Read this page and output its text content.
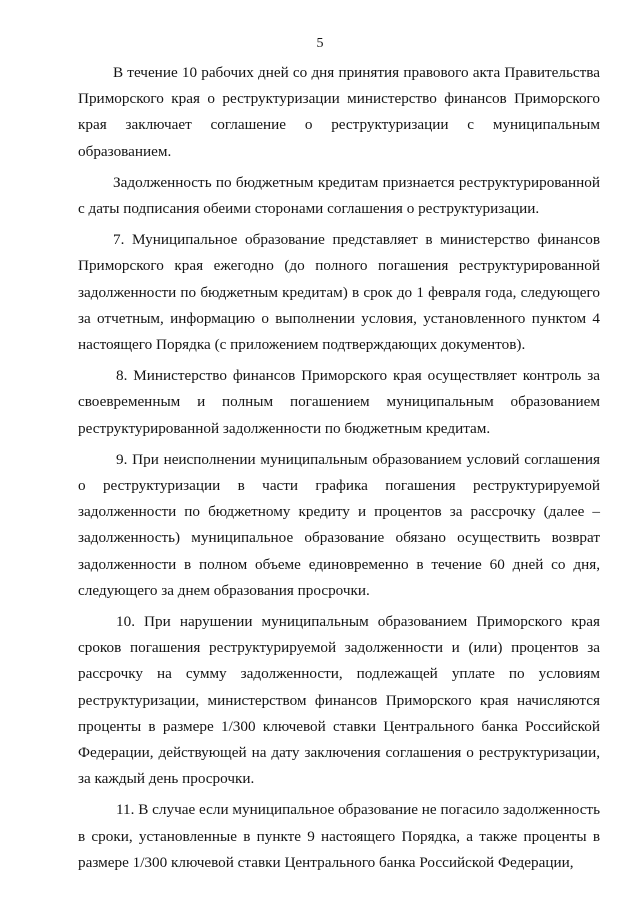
5

В течение 10 рабочих дней со дня принятия правового акта Правительства Приморского края о реструктуризации министерство финансов Приморского края заключает соглашение о реструктуризации с муниципальным образованием.

Задолженность по бюджетным кредитам признается реструктурированной с даты подписания обеими сторонами соглашения о реструктуризации.

7. Муниципальное образование представляет в министерство финансов Приморского края ежегодно (до полного погашения реструктурированной задолженности по бюджетным кредитам) в срок до 1 февраля года, следующего за отчетным, информацию о выполнении условия, установленного пунктом 4 настоящего Порядка (с приложением подтверждающих документов).

8. Министерство финансов Приморского края осуществляет контроль за своевременным и полным погашением муниципальным образованием реструктурированной задолженности по бюджетным кредитам.

9. При неисполнении муниципальным образованием условий соглашения о реструктуризации в части графика погашения реструктурируемой задолженности по бюджетному кредиту и процентов за рассрочку (далее – задолженность) муниципальное образование обязано осуществить возврат задолженности в полном объеме единовременно в течение 60 дней со дня, следующего за днем образования просрочки.

10. При нарушении муниципальным образованием Приморского края сроков погашения реструктурируемой задолженности и (или) процентов за рассрочку на сумму задолженности, подлежащей уплате по условиям реструктуризации, министерством финансов Приморского края начисляются проценты в размере 1/300 ключевой ставки Центрального банка Российской Федерации, действующей на дату заключения соглашения о реструктуризации, за каждый день просрочки.

11. В случае если муниципальное образование не погасило задолженность в сроки, установленные в пункте 9 настоящего Порядка, а также проценты в размере 1/300 ключевой ставки Центрального банка Российской Федерации,
